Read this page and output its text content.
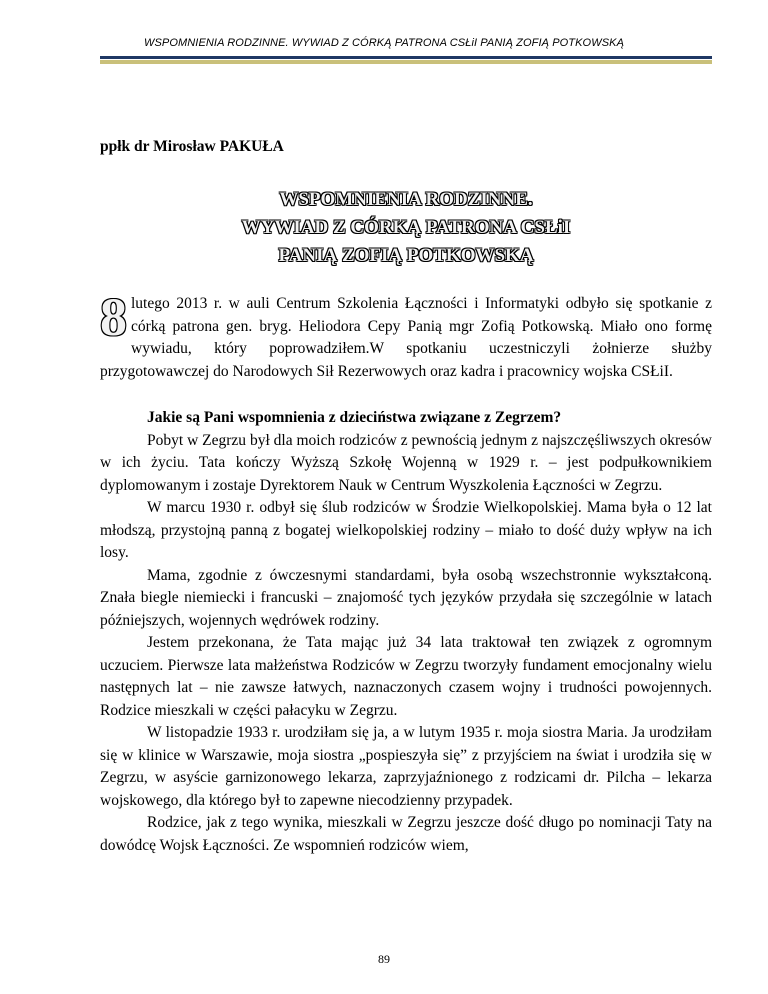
WSPOMNIENIA RODZINNE. WYWIAD Z CÓRKĄ PATRONA CSŁiI PANIĄ ZOFIĄ POTKOWSKĄ
ppłk dr Mirosław PAKUŁA
WSPOMNIENIA RODZINNE.
WYWIAD Z CÓRKĄ PATRONA CSŁiI
PANIĄ ZOFIĄ POTKOWSKĄ

8 lutego 2013 r. w auli Centrum Szkolenia Łączności i Informatyki odbyło się spotkanie z córką patrona gen. bryg. Heliodora Cepy Panią mgr Zofią Potkowską. Miało ono formę wywiadu, który poprowadziłem.W spotkaniu uczestniczyli żołnierze służby przygotowawczej do Narodowych Sił Rezerwowych oraz kadra i pracownicy wojska CSŁiI.

Jakie są Pani wspomnienia z dzieciństwa związane z Zegrzem?

Pobyt w Zegrzu był dla moich rodziców z pewnością jednym z najszczęśliwszych okresów w ich życiu. Tata kończy Wyższą Szkołę Wojenną w 1929 r. – jest podpułkownikiem dyplomowanym i zostaje Dyrektorem Nauk w Centrum Wyszkolenia Łączności w Zegrzu.

W marcu 1930 r. odbył się ślub rodziców w Środzie Wielkopolskiej. Mama była o 12 lat młodszą, przystojną panną z bogatej wielkopolskiej rodziny – miało to dość duży wpływ na ich losy.

Mama, zgodnie z ówczesnymi standardami, była osobą wszechstronnie wykształconą. Znała biegle niemiecki i francuski – znajomość tych języków przydała się szczególnie w latach późniejszych, wojennych wędrówek rodziny.

Jestem przekonana, że Tata mając już 34 lata traktował ten związek z ogromnym uczuciem. Pierwsze lata małżeństwa Rodziców w Zegrzu tworzyły fundament emocjonalny wielu następnych lat – nie zawsze łatwych, naznaczonych czasem wojny i trudności powojennych. Rodzice mieszkali w części pałacyku w Zegrzu.

W listopadzie 1933 r. urodziłam się ja, a w lutym 1935 r. moja siostra Maria. Ja urodziłam się w klinice w Warszawie, moja siostra „pospieszyła się” z przyjściem na świat i urodziła się w Zegrzu, w asyście garnizonowego lekarza, zaprzyjaźnionego z rodzicami dr. Pilcha – lekarza wojskowego, dla którego był to zapewne niecodzienny przypadek.

Rodzice, jak z tego wynika, mieszkali w Zegrzu jeszcze dość długo po nominacji Taty na dowódcę Wojsk Łączności. Ze wspomnień rodziców wiem,

89
